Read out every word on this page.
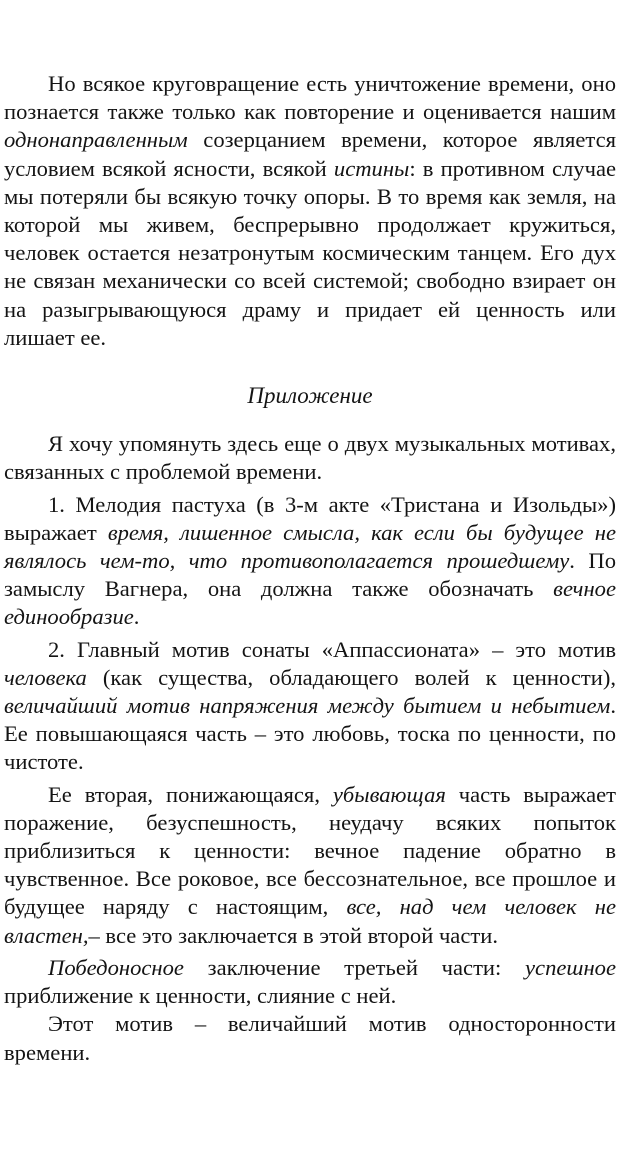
Но всякое круговращение есть уничтожение времени, оно познается также только как повторение и оценивается нашим однонаправленным созерцанием времени, которое является условием всякой ясности, всякой истины: в противном случае мы потеряли бы всякую точку опоры. В то время как земля, на которой мы живем, беспрерывно продолжает кружиться, человек остается незатронутым космическим танцем. Его дух не связан механически со всей системой; свободно взирает он на разыгрывающуюся драму и придает ей ценность или лишает ее.

Приложение

Я хочу упомянуть здесь еще о двух музыкальных мотивах, связанных с проблемой времени.

1. Мелодия пастуха (в 3-м акте «Тристана и Изольды») выражает время, лишенное смысла, как если бы будущее не являлось чем-то, что противополагается прошедшему. По замыслу Вагнера, она должна также обозначать вечное единообразие.

2. Главный мотив сонаты «Аппассионата» – это мотив человека (как существа, обладающего волей к ценности), величайший мотив напряжения между бытием и небытием. Ее повышающаяся часть – это любовь, тоска по ценности, по чистоте.

Ее вторая, понижающаяся, убывающая часть выражает поражение, безуспешность, неудачу всяких попыток приблизиться к ценности: вечное падение обратно в чувственное. Все роковое, все бессознательное, все прошлое и будущее наряду с настоящим, все, над чем человек не властен,– все это заключается в этой второй части.

Победоносное заключение третьей части: успешное приближение к ценности, слияние с ней.

Этот мотив – величайший мотив односторонности времени.
